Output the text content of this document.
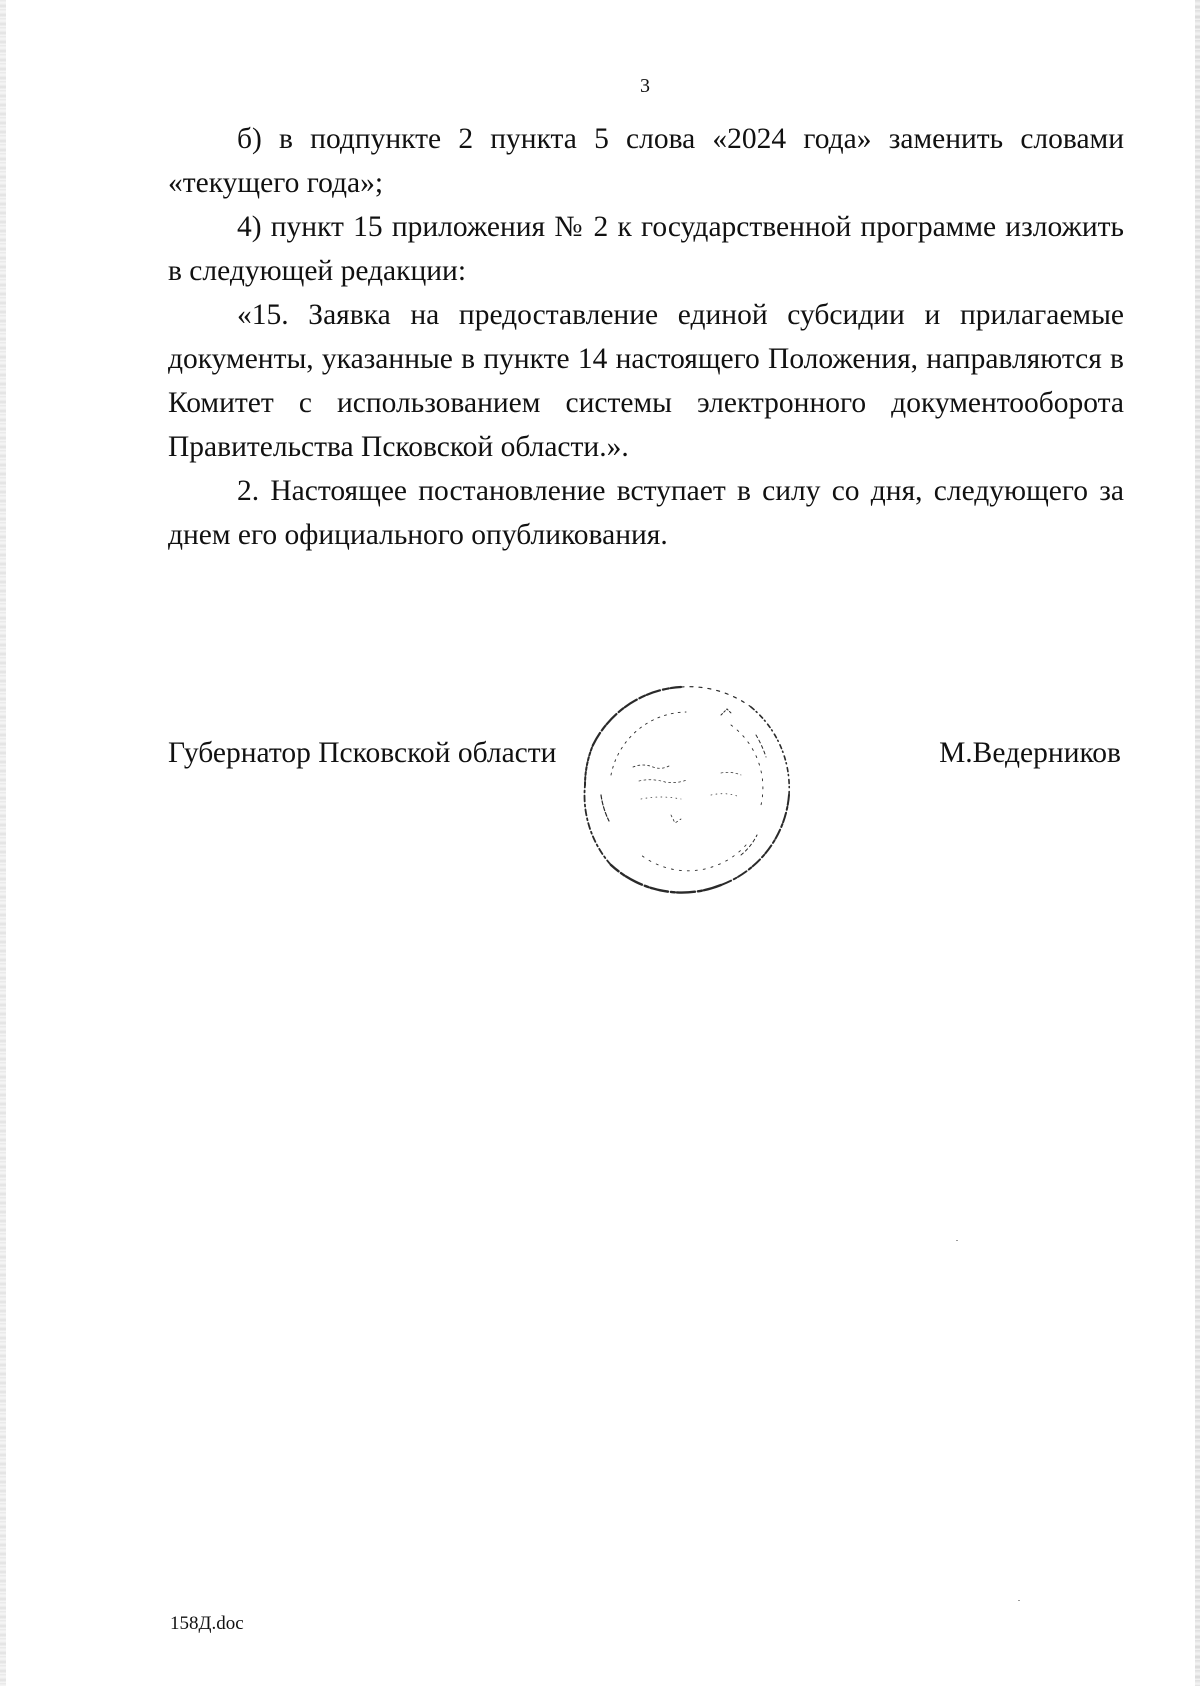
3

б) в подпункте 2 пункта 5 слова «2024 года» заменить словами «текущего года»;

4) пункт 15 приложения № 2 к государственной программе изложить в следующей редакции:

«15. Заявка на предоставление единой субсидии и прилагаемые документы, указанные в пункте 14 настоящего Положения, направляются в Комитет с использованием системы электронного документооборота Правительства Псковской области.».

2. Настоящее постановление вступает в силу со дня, следующего за днем его официального опубликования.

Губернатор Псковской области	М.Ведерников
158Д.doc
